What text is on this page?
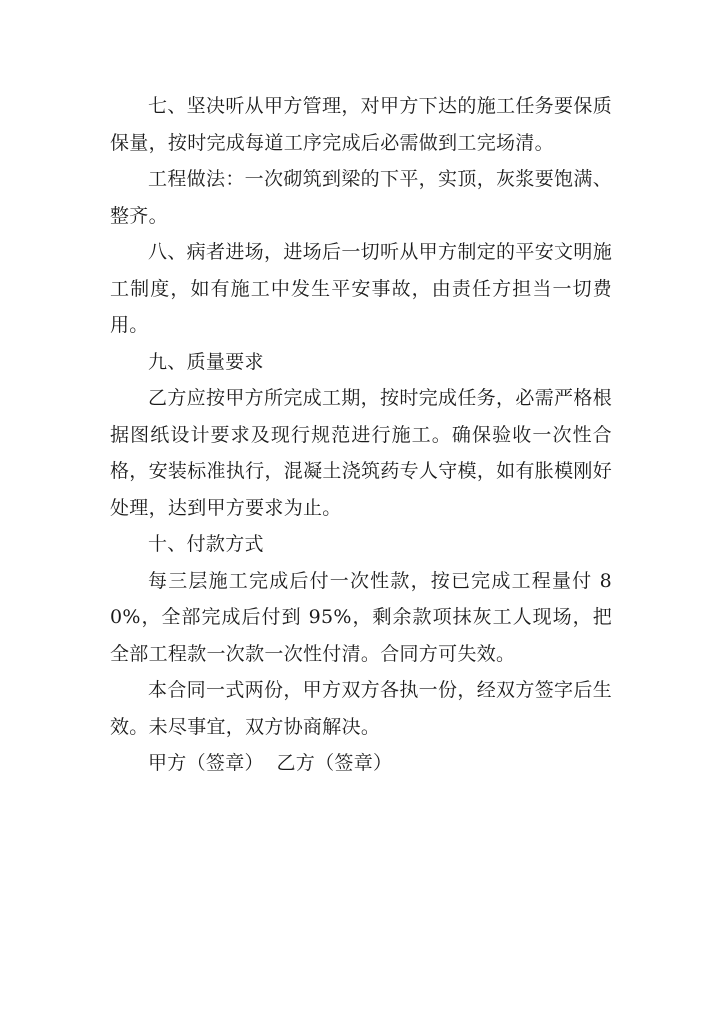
七、坚决听从甲方管理，对甲方下达的施工任务要保质保量，按时完成每道工序完成后必需做到工完场清。

工程做法：一次砌筑到梁的下平，实顶，灰浆要饱满、整齐。

八、病者进场，进场后一切听从甲方制定的平安文明施工制度，如有施工中发生平安事故，由责任方担当一切费用。

九、质量要求

乙方应按甲方所完成工期，按时完成任务，必需严格根据图纸设计要求及现行规范进行施工。确保验收一次性合格，安装标准执行，混凝土浇筑药专人守模，如有胀模刚好处理，达到甲方要求为止。

十、付款方式

每三层施工完成后付一次性款，按已完成工程量付 80%，全部完成后付到 95%，剩余款项抹灰工人现场，把全部工程款一次款一次性付清。合同方可失效。

本合同一式两份，甲方双方各执一份，经双方签字后生效。未尽事宜，双方协商解决。

甲方（签章） 乙方（签章）
